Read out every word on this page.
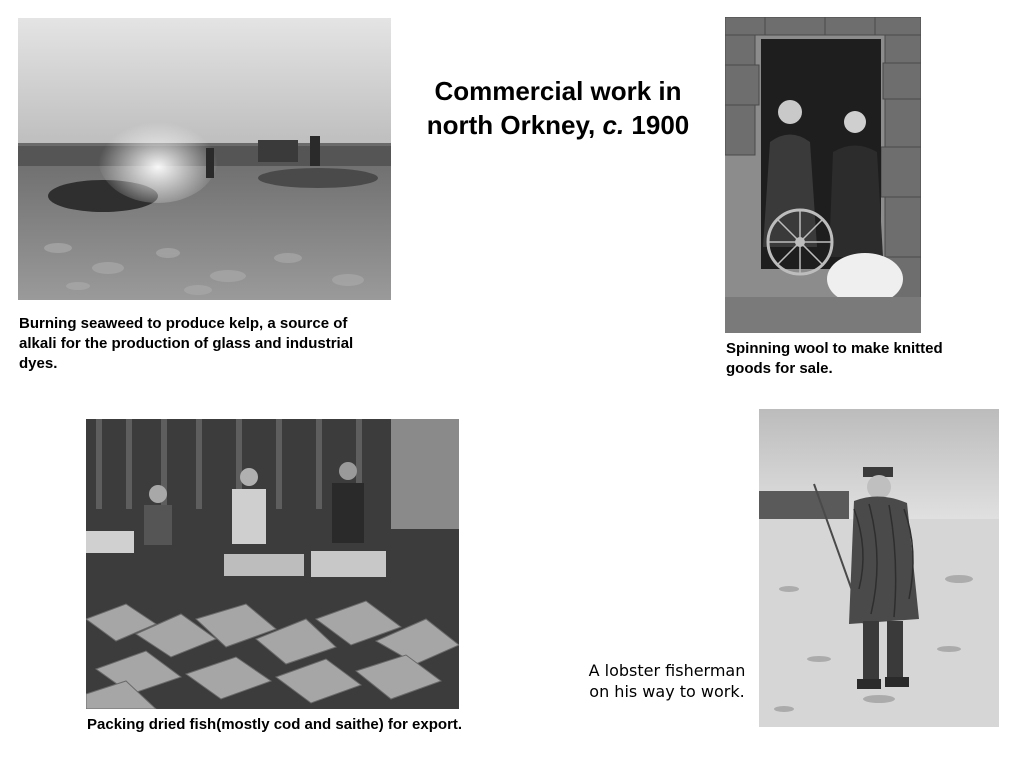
Commercial work in
north Orkney, c. 1900
Burning seaweed to produce kelp, a source of alkali for the production of glass and industrial dyes.
Spinning wool to make knitted goods for sale.
Packing dried fish(mostly cod and saithe) for export.
A lobster fisherman
on his way to work.
